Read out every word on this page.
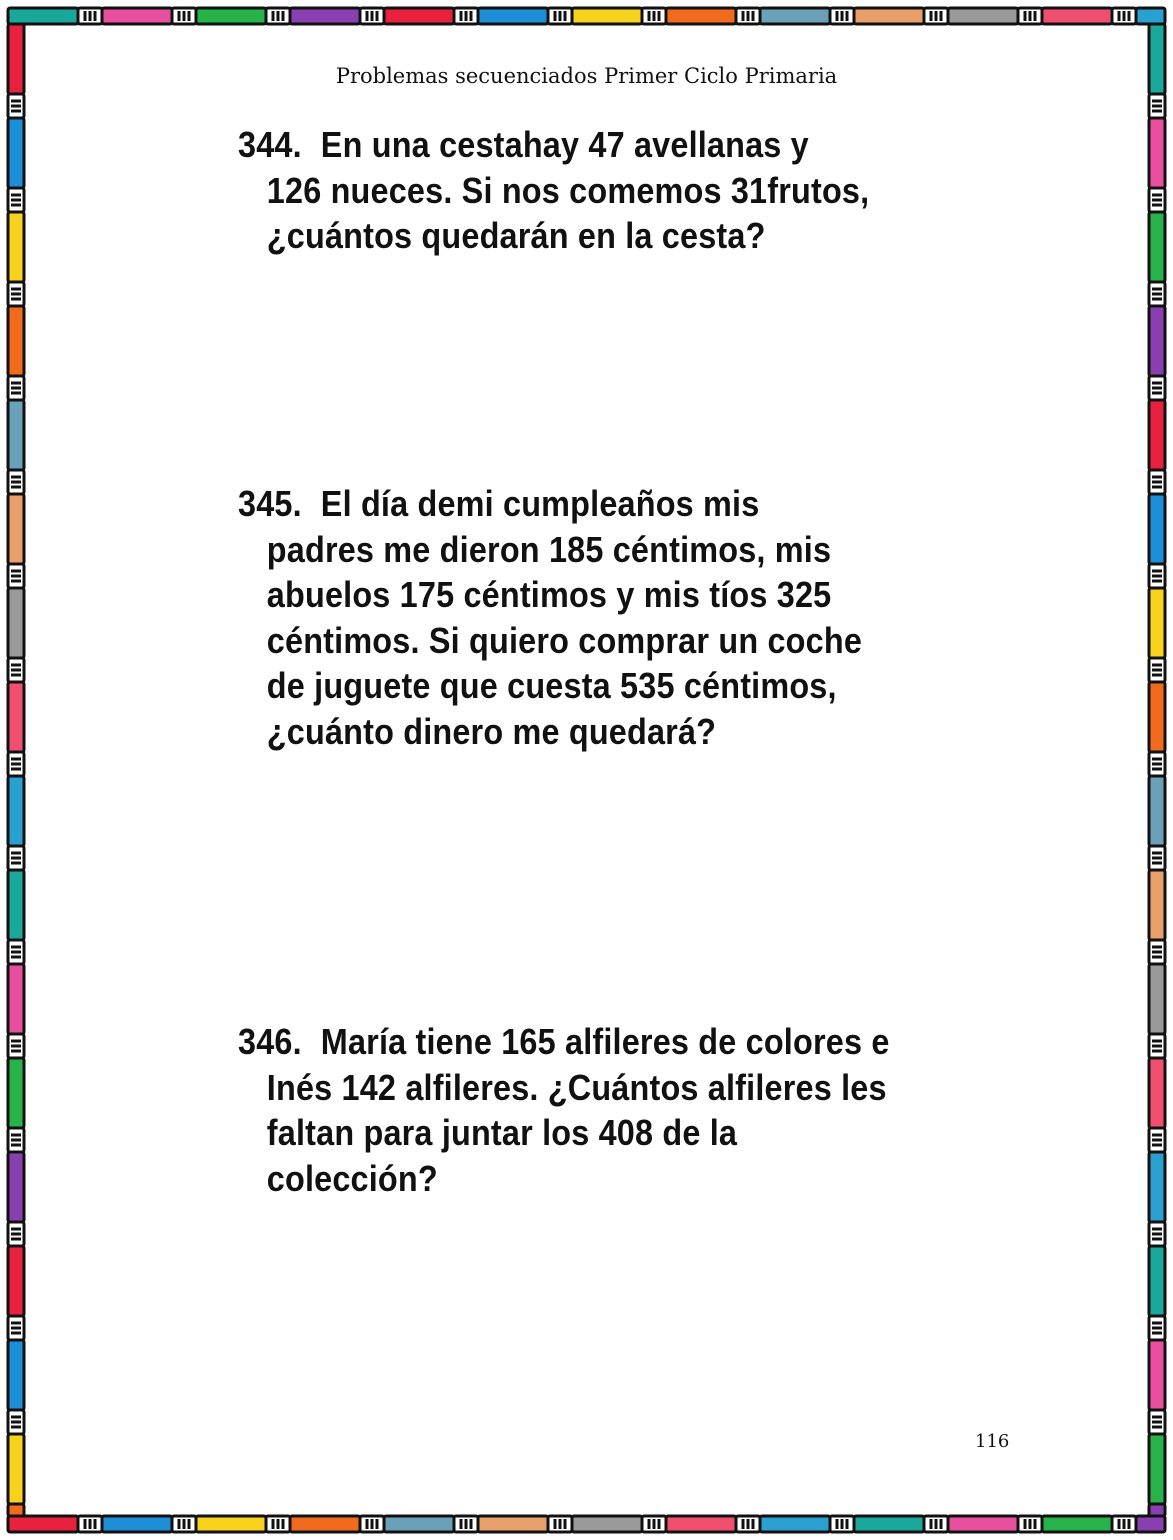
Problemas secuenciados Primer Ciclo Primaria
344. En una cestahay 47 avellanas y
126 nueces. Si nos comemos 31frutos,
¿cuántos quedarán en la cesta?
345. El día demi cumpleaños mis
padres me dieron 185 céntimos, mis
abuelos 175 céntimos y mis tíos 325
céntimos. Si quiero comprar un coche
de juguete que cuesta 535 céntimos,
¿cuánto dinero me quedará?
346. María tiene 165 alfileres de colores e
Inés 142 alfileres. ¿Cuántos alfileres les
faltan para juntar los 408 de la
colección?
116
